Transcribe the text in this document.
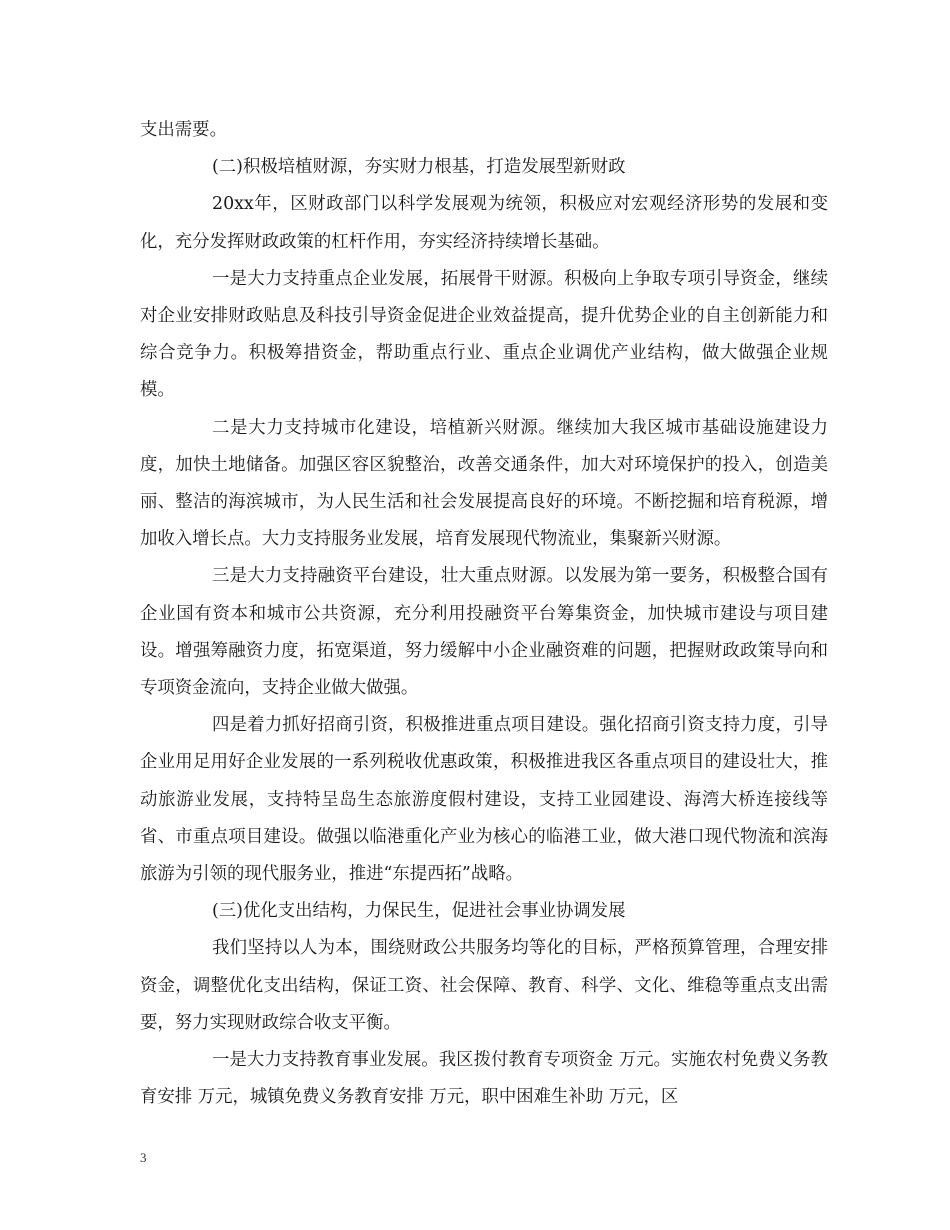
支出需要。

(二)积极培植财源，夯实财力根基，打造发展型新财政

20xx年，区财政部门以科学发展观为统领，积极应对宏观经济形势的发展和变化，充分发挥财政政策的杠杆作用，夯实经济持续增长基础。

一是大力支持重点企业发展，拓展骨干财源。积极向上争取专项引导资金，继续对企业安排财政贴息及科技引导资金促进企业效益提高，提升优势企业的自主创新能力和综合竞争力。积极筹措资金，帮助重点行业、重点企业调优产业结构，做大做强企业规模。

二是大力支持城市化建设，培植新兴财源。继续加大我区城市基础设施建设力度，加快土地储备。加强区容区貌整治，改善交通条件，加大对环境保护的投入，创造美丽、整洁的海滨城市，为人民生活和社会发展提高良好的环境。不断挖掘和培育税源，增加收入增长点。大力支持服务业发展，培育发展现代物流业，集聚新兴财源。

三是大力支持融资平台建设，壮大重点财源。以发展为第一要务，积极整合国有企业国有资本和城市公共资源，充分利用投融资平台筹集资金，加快城市建设与项目建设。增强筹融资力度，拓宽渠道，努力缓解中小企业融资难的问题，把握财政政策导向和专项资金流向，支持企业做大做强。

四是着力抓好招商引资，积极推进重点项目建设。强化招商引资支持力度，引导企业用足用好企业发展的一系列税收优惠政策，积极推进我区各重点项目的建设壮大，推动旅游业发展，支持特呈岛生态旅游度假村建设，支持工业园建设、海湾大桥连接线等省、市重点项目建设。做强以临港重化产业为核心的临港工业，做大港口现代物流和滨海旅游为引领的现代服务业，推进“东提西拓”战略。

(三)优化支出结构，力保民生，促进社会事业协调发展

我们坚持以人为本，围绕财政公共服务均等化的目标，严格预算管理，合理安排资金，调整优化支出结构，保证工资、社会保障、教育、科学、文化、维稳等重点支出需要，努力实现财政综合收支平衡。

一是大力支持教育事业发展。我区拨付教育专项资金 万元。实施农村免费义务教育安排 万元，城镇免费义务教育安排 万元，职中困难生补助 万元，区

3
